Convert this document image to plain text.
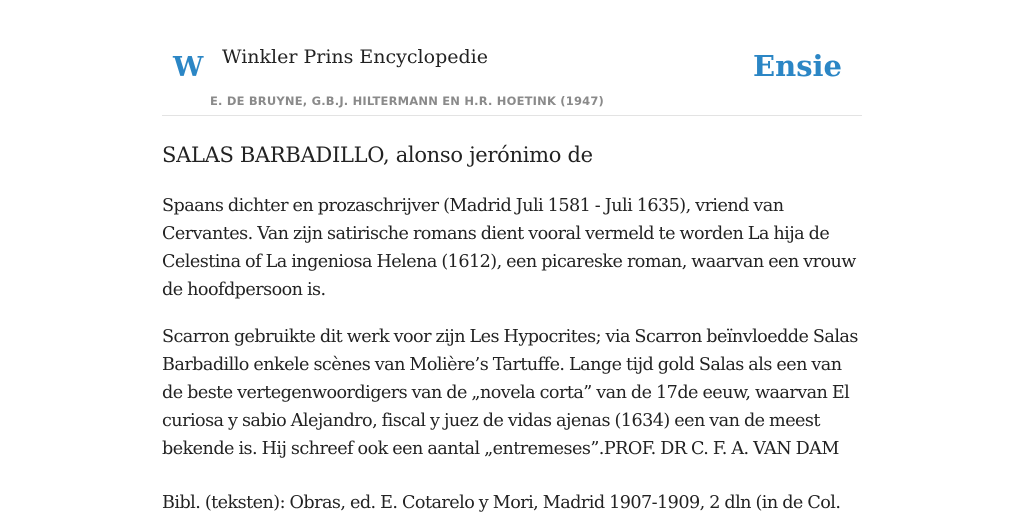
W Winkler Prins Encyclopedie
E. DE BRUYNE, G.B.J. HILTERMANN EN H.R. HOETINK (1947)
Ensie
SALAS BARBADILLO, alonso jerónimo de

Spaans dichter en prozaschrijver (Madrid Juli 1581 - Juli 1635), vriend van Cervantes. Van zijn satirische romans dient vooral vermeld te worden La hija de Celestina of La ingeniosa Helena (1612), een picareske roman, waarvan een vrouw de hoofdpersoon is.

Scarron gebruikte dit werk voor zijn Les Hypocrites; via Scarron beïnvloedde Salas Barbadillo enkele scènes van Molière’s Tartuffe. Lange tijd gold Salas als een van de beste vertegenwoordigers van de „novela corta” van de 17de eeuw, waarvan El curiosa y sabio Alejandro, fiscal y juez de vidas ajenas (1634) een van de meest bekende is. Hij schreef ook een aantal „entremeses”.PROF. DR C. F. A. VAN DAM

Bibl. (teksten): Obras, ed. E. Cotarelo y Mori, Madrid 1907-1909, 2 dln (in de Col.
